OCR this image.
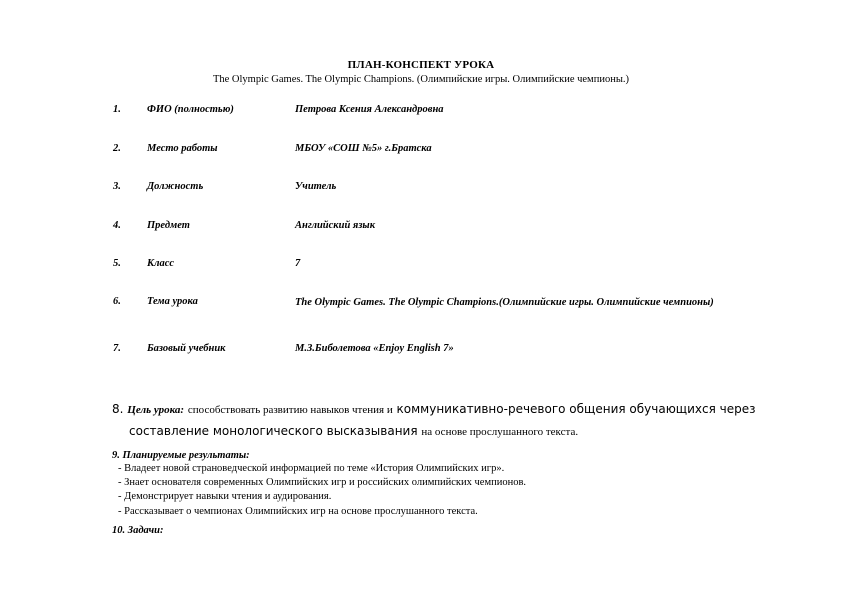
ПЛАН-КОНСПЕКТ УРОКА
The Olympic Games. The Olympic Champions. (Олимпийские игры. Олимпийские чемпионы.)
1. ФИО (полностью)	Петрова Ксения Александровна
2. Место работы	МБОУ «СОШ №5» г.Братска
3. Должность	Учитель
4. Предмет	Английский язык
5. Класс	7
6. Тема урока	The Olympic Games. The Olympic Champions.(Олимпийские игры. Олимпийские чемпионы)
7. Базовый учебник	М.З.Биболетова «Enjoy English 7»
8. Цель урока: способствовать развитию навыков чтения и коммуникативно-речевого общения обучающихся через
составление монологического высказывания на основе прослушанного текста.
9. Планируемые результаты:
- Владеет новой страноведческой информацией по теме «История Олимпийских игр».
- Знает основателя современных Олимпийских игр и российских олимпийских чемпионов.
- Демонстрирует навыки чтения и аудирования.
- Рассказывает о чемпионах Олимпийских игр на основе прослушанного текста.
10. Задачи:
